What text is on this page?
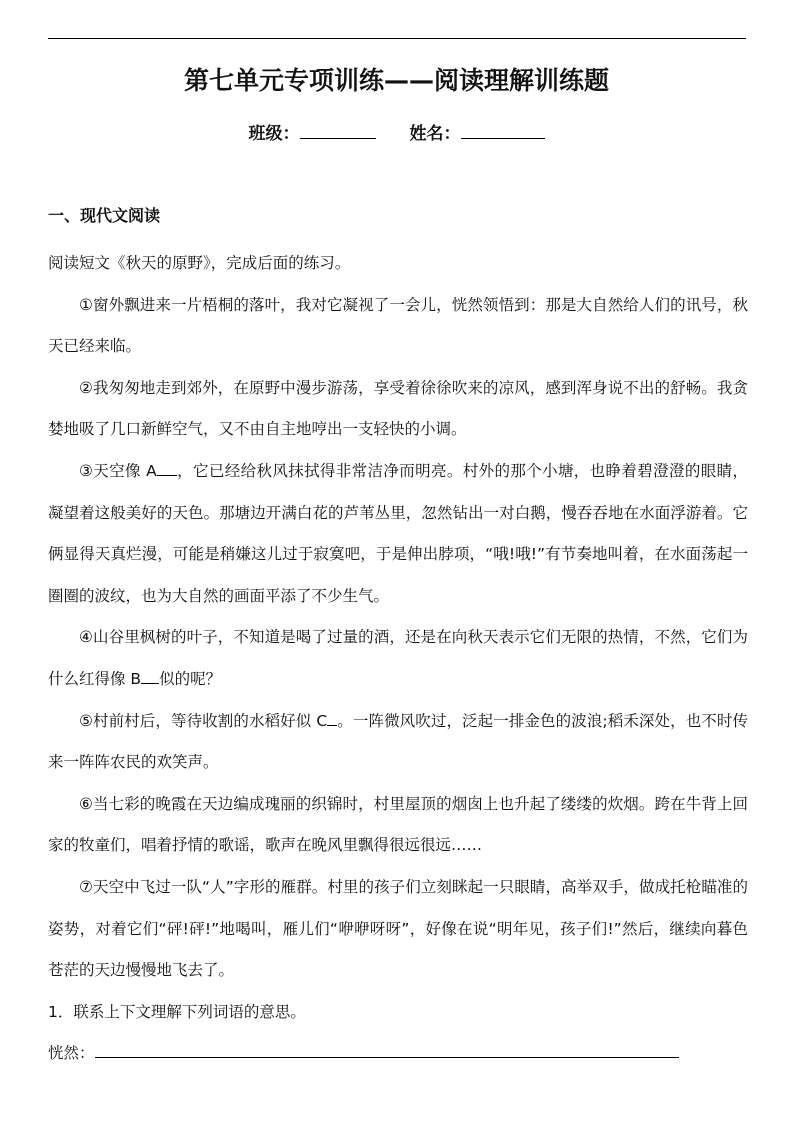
第七单元专项训练——阅读理解训练题
班级：	姓名：
一、现代文阅读

阅读短文《秋天的原野》，完成后面的练习。

①窗外飘进来一片梧桐的落叶，我对它凝视了一会儿，恍然领悟到：那是大自然给人们的讯号，秋天已经来临。

②我匆匆地走到郊外，在原野中漫步游荡，享受着徐徐吹来的凉风，感到浑身说不出的舒畅。我贪婪地吸了几口新鲜空气，又不由自主地哼出一支轻快的小调。

③天空像 A ，它已经给秋风抹拭得非常洁净而明亮。村外的那个小塘，也睁着碧澄澄的眼睛，凝望着这般美好的天色。那塘边开满白花的芦苇丛里，忽然钻出一对白鹅，慢吞吞地在水面浮游着。它俩显得天真烂漫，可能是稍嫌这儿过于寂寞吧，于是伸出脖项，“哦!哦!”有节奏地叫着，在水面荡起一圈圈的波纹，也为大自然的画面平添了不少生气。

④山谷里枫树的叶子，不知道是喝了过量的酒，还是在向秋天表示它们无限的热情，不然，它们为什么红得像 B 似的呢？

⑤村前村后，等待收割的水稻好似 C 。一阵微风吹过，泛起一排金色的波浪;稻禾深处，也不时传来一阵阵农民的欢笑声。

⑥当七彩的晚霞在天边编成瑰丽的织锦时，村里屋顶的烟囱上也升起了缕缕的炊烟。跨在牛背上回家的牧童们，唱着抒情的歌谣，歌声在晚风里飘得很远很远……

⑦天空中飞过一队“人”字形的雁群。村里的孩子们立刻眯起一只眼睛，高举双手，做成托枪瞄准的姿势，对着它们“砰!砰!”地喝叫，雁儿们“咿咿呀呀”，好像在说“明年见，孩子们!”然后，继续向暮色苍茫的天边慢慢地飞去了。

1．联系上下文理解下列词语的意思。

恍然：
